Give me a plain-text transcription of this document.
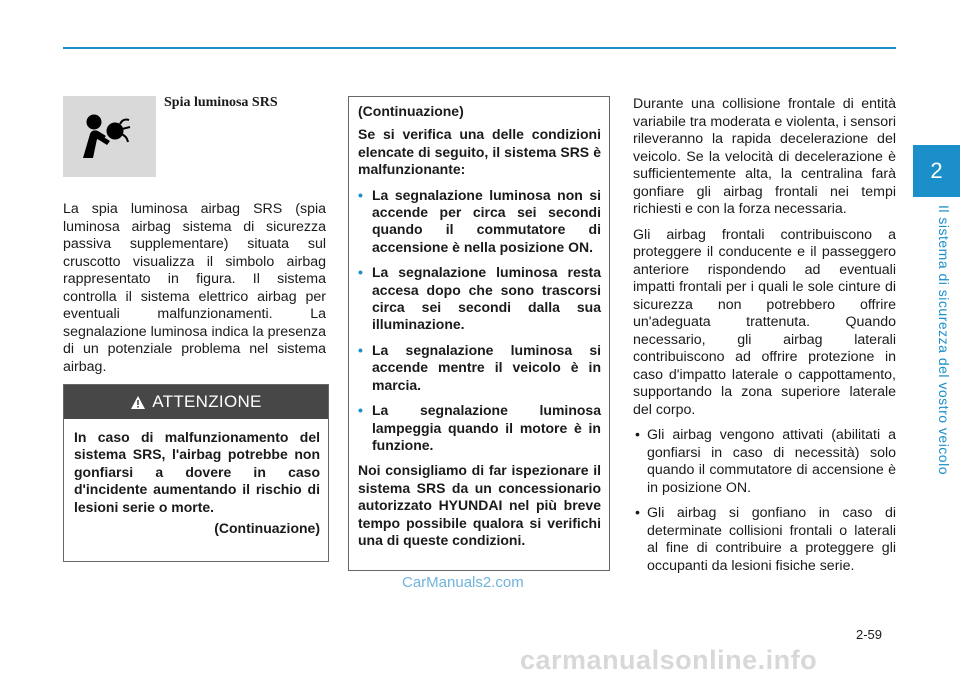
2
Il sistema di sicurezza del vostro veicolo
Spia luminosa SRS

La spia luminosa airbag SRS (spia luminosa airbag sistema di sicurezza passiva supplementare) situata sul cruscotto visualizza il simbolo airbag rappresentato in figura. Il sistema controlla il sistema elettrico airbag per eventuali malfunzionamenti. La segnalazione luminosa indica la presenza di un potenziale problema nel sistema airbag.

ATTENZIONE

In caso di malfunzionamento del sistema SRS, l'airbag potrebbe non gonfiarsi a dovere in caso d'incidente aumentando il rischio di lesioni serie o morte.

(Continuazione)

(Continuazione)

Se si verifica una delle condizioni elencate di seguito, il sistema SRS è malfunzionante:

• La segnalazione luminosa non si accende per circa sei secondi quando il commutatore di accensione è nella posizione ON.
• La segnalazione luminosa resta accesa dopo che sono trascorsi circa sei secondi dalla sua illuminazione.
• La segnalazione luminosa si accende mentre il veicolo è in marcia.
• La segnalazione luminosa lampeggia quando il motore è in funzione.

Noi consigliamo di far ispezionare il sistema SRS da un concessionario autorizzato HYUNDAI nel più breve tempo possibile qualora si verifichi una di queste condizioni.

Durante una collisione frontale di entità variabile tra moderata e violenta, i sensori rileveranno la rapida decelerazione del veicolo. Se la velocità di decelerazione è sufficientemente alta, la centralina farà gonfiare gli airbag frontali nei tempi richiesti e con la forza necessaria.

Gli airbag frontali contribuiscono a proteggere il conducente e il passeggero anteriore rispondendo ad eventuali impatti frontali per i quali le sole cinture di sicurezza non potrebbero offrire un'adeguata trattenuta. Quando necessario, gli airbag laterali contribuiscono ad offrire protezione in caso d'impatto laterale o cappottamento, supportando la zona superiore laterale del corpo.

• Gli airbag vengono attivati (abilitati a gonfiarsi in caso di necessità) solo quando il commutatore di accensione è in posizione ON.
• Gli airbag si gonfiano in caso di determinate collisioni frontali o laterali al fine di contribuire a proteggere gli occupanti da lesioni fisiche serie.
CarManuals2.com
2-59
carmanualsonline.info
